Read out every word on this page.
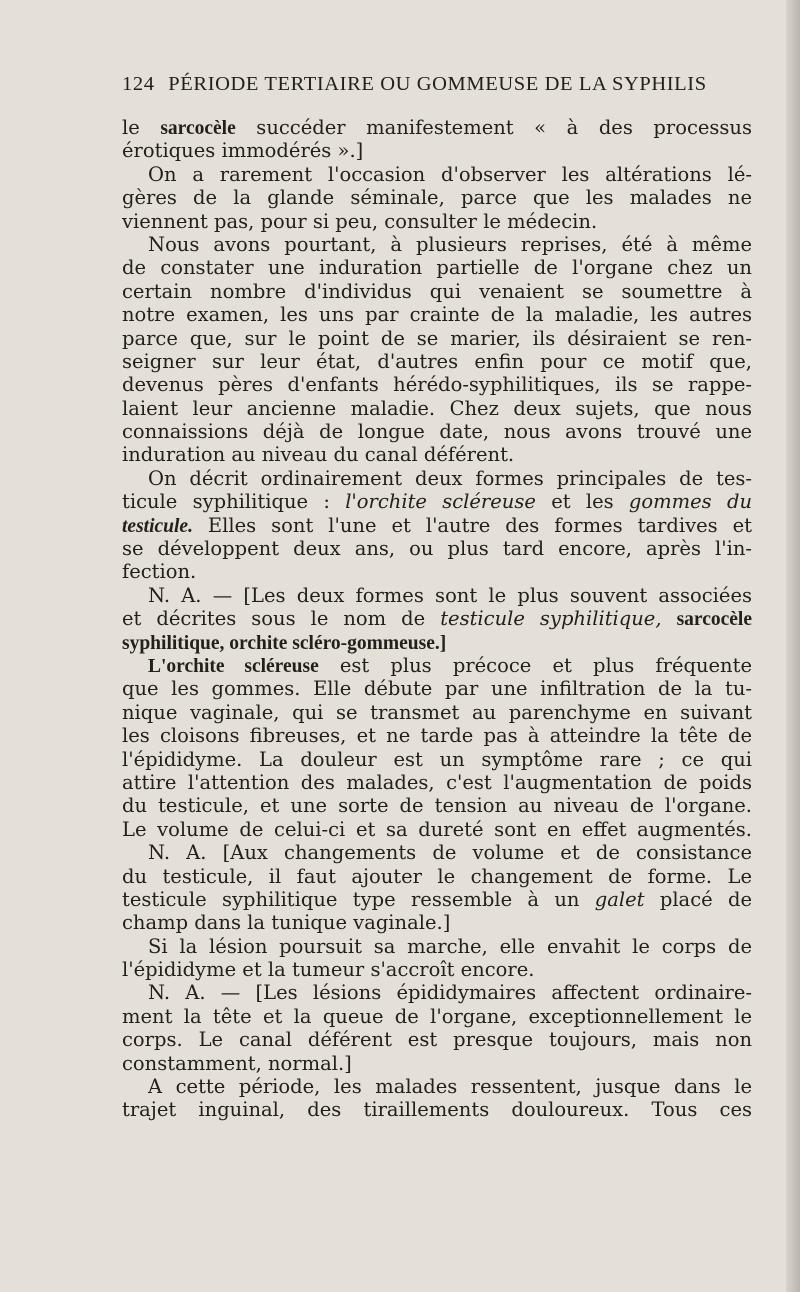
124 PÉRIODE TERTIAIRE OU GOMMEUSE DE LA SYPHILIS
le sarcocèle succéder manifestement « à des processus
érotiques immodérés ».]
On a rarement l'occasion d'observer les altérations lé-
gères de la glande séminale, parce que les malades ne
viennent pas, pour si peu, consulter le médecin.
Nous avons pourtant, à plusieurs reprises, été à même
de constater une induration partielle de l'organe chez un
certain nombre d'individus qui venaient se soumettre à
notre examen, les uns par crainte de la maladie, les autres
parce que, sur le point de se marier, ils désiraient se ren-
seigner sur leur état, d'autres enfin pour ce motif que,
devenus pères d'enfants hérédo-syphilitiques, ils se rappe-
laient leur ancienne maladie. Chez deux sujets, que nous
connaissions déjà de longue date, nous avons trouvé une
induration au niveau du canal déférent.
On décrit ordinairement deux formes principales de tes-
ticule syphilitique : l'orchite scléreuse et les gommes du
testicule. Elles sont l'une et l'autre des formes tardives et
se développent deux ans, ou plus tard encore, après l'in-
fection.
N. A. — [Les deux formes sont le plus souvent associées
et décrites sous le nom de testicule syphilitique, sarcocèle
syphilitique, orchite scléro-gommeuse.]
L'orchite scléreuse est plus précoce et plus fréquente
que les gommes. Elle débute par une infiltration de la tu-
nique vaginale, qui se transmet au parenchyme en suivant
les cloisons fibreuses, et ne tarde pas à atteindre la tête de
l'épididyme. La douleur est un symptôme rare ; ce qui
attire l'attention des malades, c'est l'augmentation de poids
du testicule, et une sorte de tension au niveau de l'organe.
Le volume de celui-ci et sa dureté sont en effet augmentés.
N. A. [Aux changements de volume et de consistance
du testicule, il faut ajouter le changement de forme. Le
testicule syphilitique type ressemble à un galet placé de
champ dans la tunique vaginale.]
Si la lésion poursuit sa marche, elle envahit le corps de
l'épididyme et la tumeur s'accroît encore.
N. A. — [Les lésions épididymaires affectent ordinaire-
ment la tête et la queue de l'organe, exceptionnellement le
corps. Le canal déférent est presque toujours, mais non
constamment, normal.]
A cette période, les malades ressentent, jusque dans le
trajet inguinal, des tiraillements douloureux. Tous ces
